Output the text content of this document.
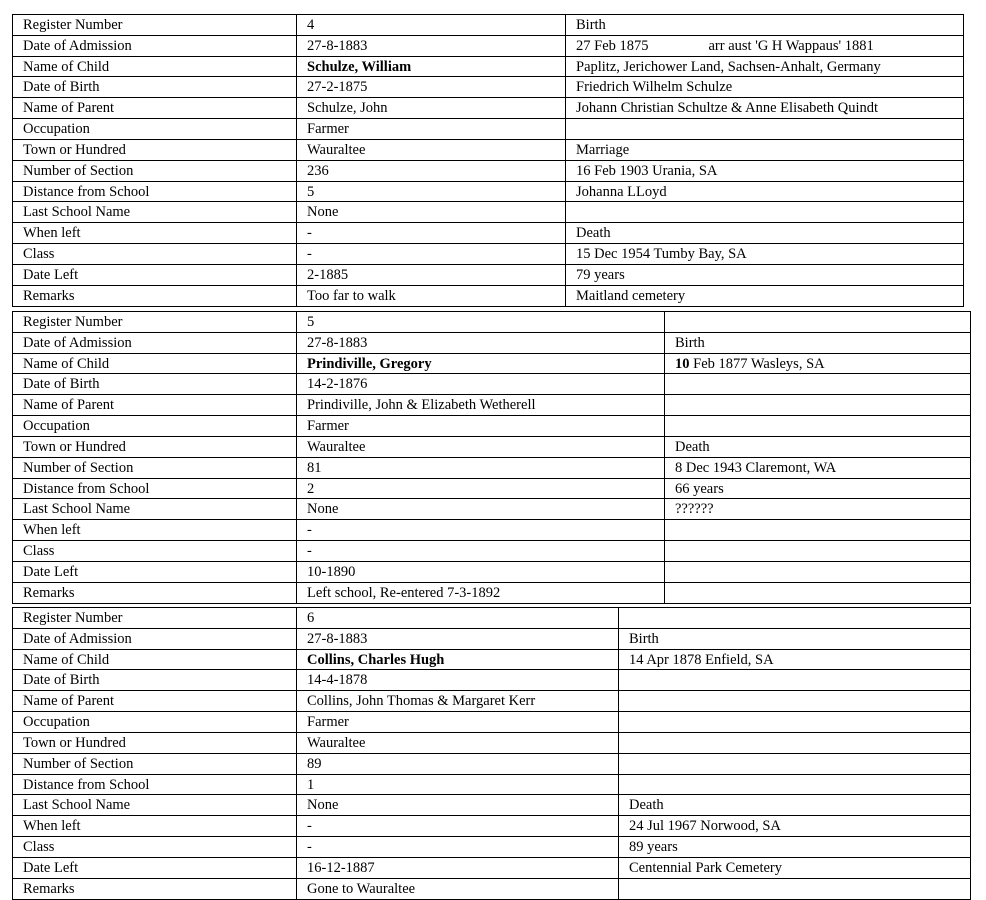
Register Number	4	Birth
Date of Admission	27-8-1883	27 Feb 1875 arr aust 'G H Wappaus' 1881
Name of Child	Schulze, William	Paplitz, Jerichower Land, Sachsen-Anhalt, Germany
Date of Birth	27-2-1875	Friedrich Wilhelm Schulze
Name of Parent	Schulze, John	Johann Christian Schultze & Anne Elisabeth Quindt
Occupation	Farmer	
Town or Hundred	Wauraltee	Marriage
Number of Section	236	16 Feb 1903 Urania, SA
Distance from School	5	Johanna LLoyd
Last School Name	None	
When left	-	Death
Class	-	15 Dec 1954 Tumby Bay, SA
Date Left	2-1885	79 years
Remarks	Too far to walk	Maitland cemetery
Register Number	5	
Date of Admission	27-8-1883	Birth
Name of Child	Prindiville, Gregory	10 Feb 1877 Wasleys, SA
Date of Birth	14-2-1876	
Name of Parent	Prindiville, John & Elizabeth Wetherell	
Occupation	Farmer	
Town or Hundred	Wauraltee	Death
Number of Section	81	8 Dec 1943 Claremont, WA
Distance from School	2	66 years
Last School Name	None	??????
When left	-	
Class	-	
Date Left	10-1890	
Remarks	Left school, Re-entered 7-3-1892	
Register Number	6	
Date of Admission	27-8-1883	Birth
Name of Child	Collins, Charles Hugh	14 Apr 1878 Enfield, SA
Date of Birth	14-4-1878	
Name of Parent	Collins, John Thomas & Margaret Kerr	
Occupation	Farmer	
Town or Hundred	Wauraltee	
Number of Section	89	
Distance from School	1	
Last School Name	None	Death
When left	-	24 Jul 1967 Norwood, SA
Class	-	89 years
Date Left	16-12-1887	Centennial Park Cemetery
Remarks	Gone to Wauraltee	
